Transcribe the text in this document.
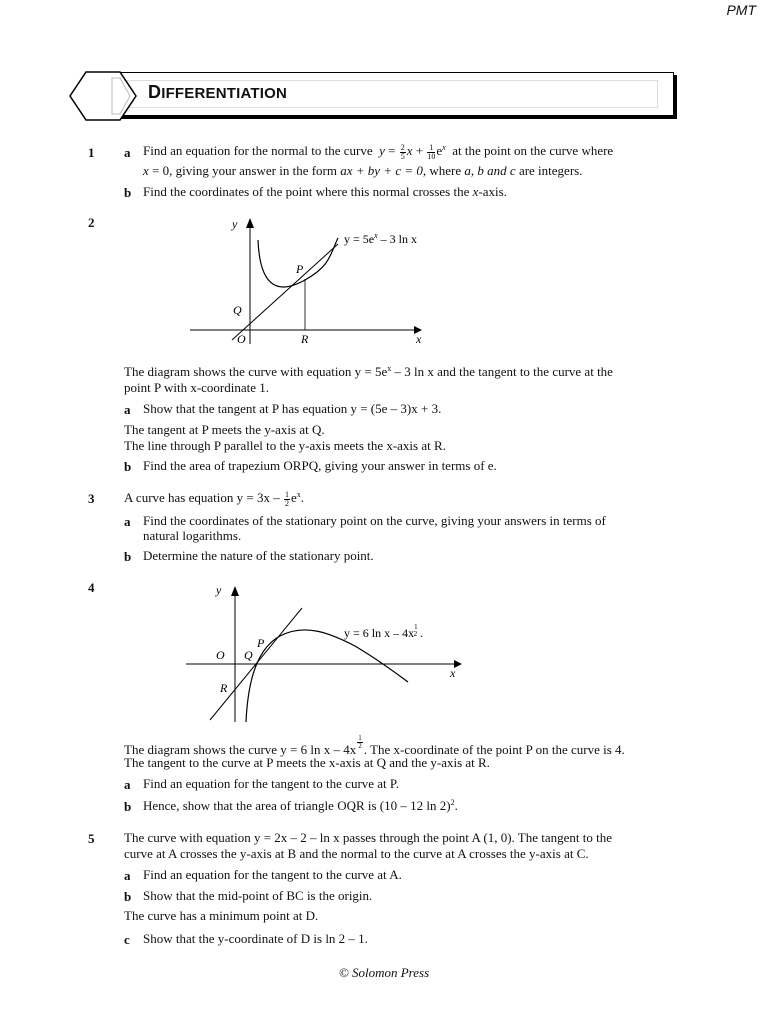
PMT
DIFFERENTIATION
1 a Find an equation for the normal to the curve $y = \frac{2}{5}$ $x + \frac{1}{10} e^x$ at the point on the curve where
x = 0, giving your answer in the form ax + by + c = 0, where a, b and c are integers.
b Find the coordinates of the point where this normal crosses the x-axis.
2	y
x
O
Q
R
P
$y = 5e^x - 3$ ln x
The diagram shows the curve with equation $y = 5e^x - 3$ ln x and the tangent to the curve at the
point P with x-coordinate 1.
a Show that the tangent at P has equation y = (5e – 3)x + 3.
The tangent at P meets the y-axis at Q.
The line through P parallel to the y-axis meets the x-axis at R.
b Find the area of trapezium ORPQ, giving your answer in terms of e.
3 A curve has equation $y = 3x - \frac{1}{2} e^x$.
a Find the coordinates of the stationary point on the curve, giving your answers in terms of
natural logarithms.
b Determine the nature of the stationary point.
4	y
x
O Q
P
R
y = 6 ln x – $4x^1$ 2 .
The diagram shows the curve y = 6 ln x – $4x \frac{1}{2}$ . The x-coordinate of the point P on the curve is 4.
The tangent to the curve at P meets the x-axis at Q and the y-axis at R.
a Find an equation for the tangent to the curve at P.
b Hence, show that the area of triangle OQR is (10 – 12 ln 2)$^2$.
5 The curve with equation y = 2x – 2 – ln x passes through the point A (1, 0). The tangent to the
curve at A crosses the y-axis at B and the normal to the curve at A crosses the y-axis at C.
a Find an equation for the tangent to the curve at A.
b Show that the mid-point of BC is the origin.
The curve has a minimum point at D.
c Show that the y-coordinate of D is ln 2 – 1.
© Solomon Press
